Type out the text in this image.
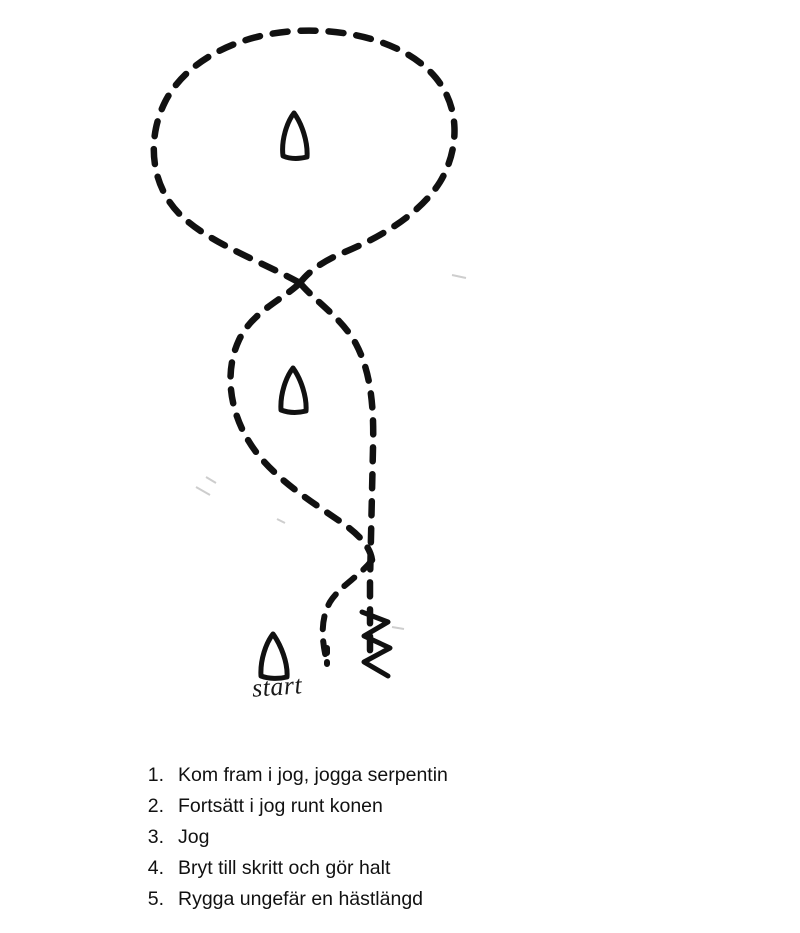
start
1. Kom fram i jog, jogga serpentin
2. Fortsätt i jog runt konen
3. Jog
4. Bryt till skritt och gör halt
5. Rygga ungefär en hästlängd
